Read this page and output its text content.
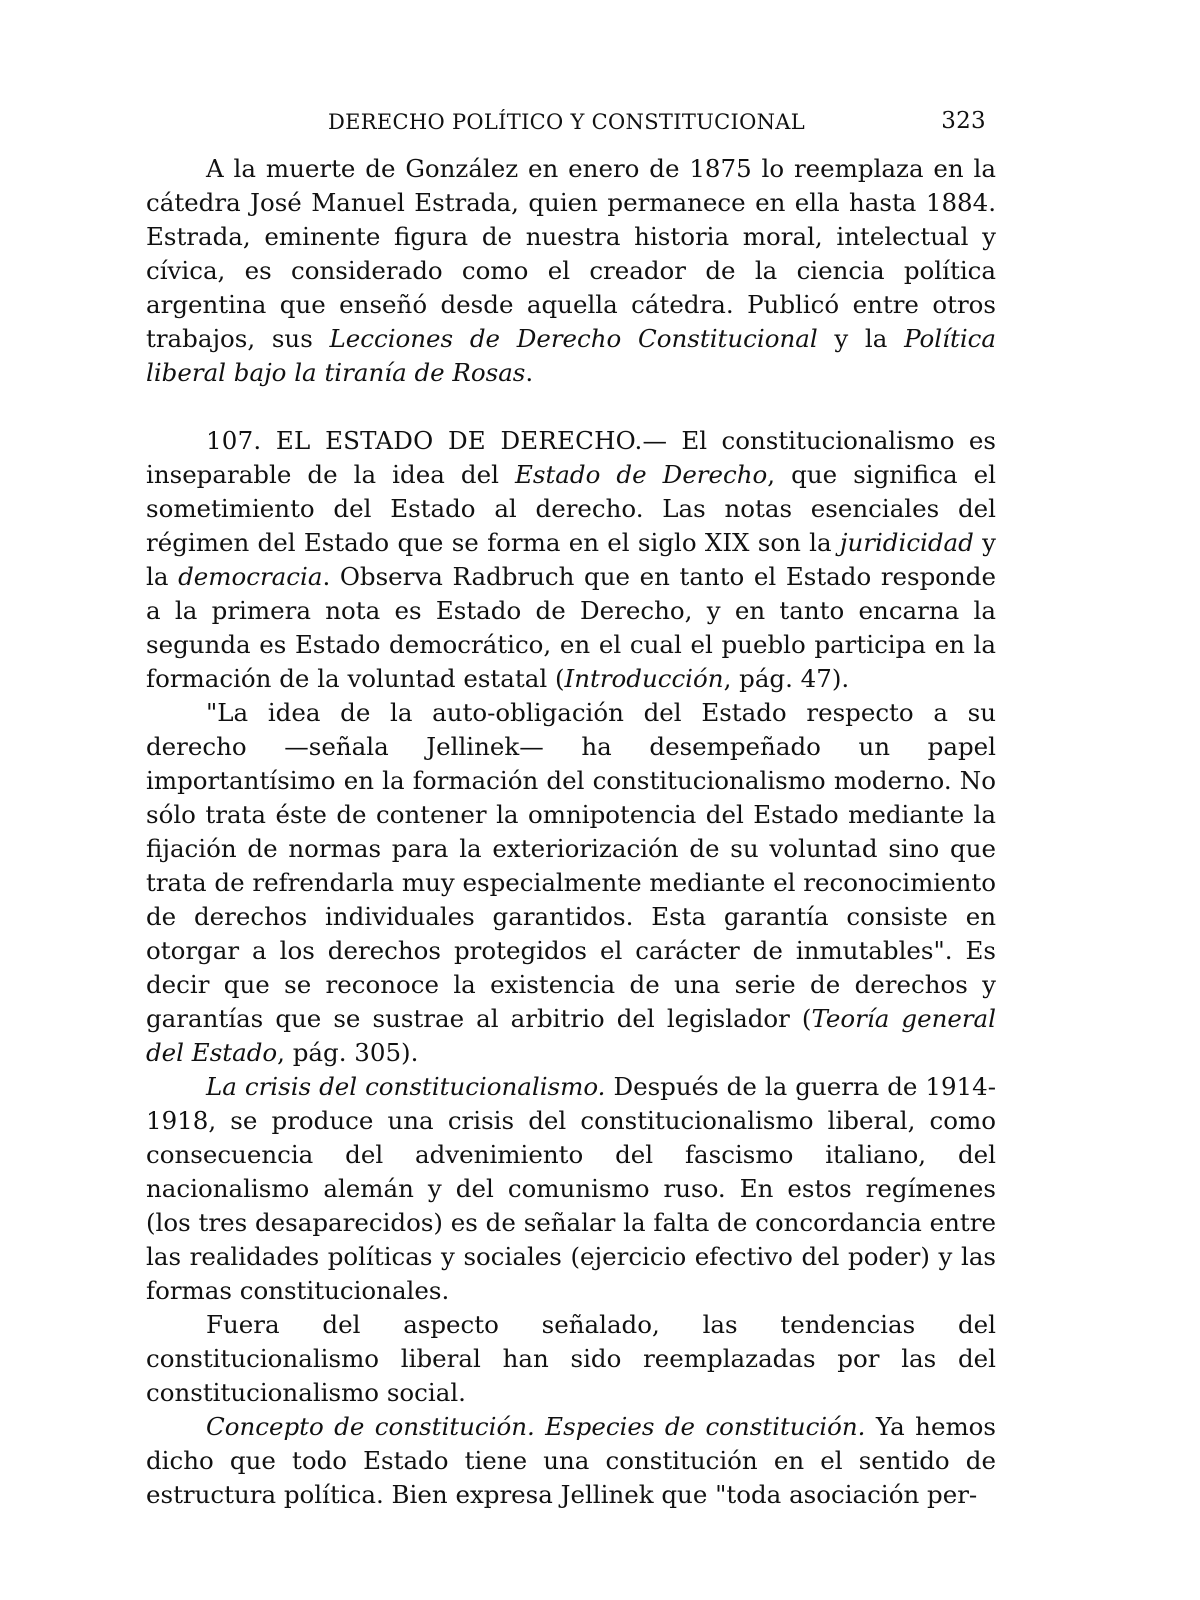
DERECHO POLÍTICO Y CONSTITUCIONAL	323

A la muerte de González en enero de 1875 lo reemplaza en la cátedra José Manuel Estrada, quien permanece en ella hasta 1884. Estrada, eminente figura de nuestra historia moral, intelectual y cívica, es considerado como el creador de la ciencia política argentina que enseñó desde aquella cátedra. Publicó entre otros trabajos, sus Lecciones de Derecho Constitucional y la Política liberal bajo la tiranía de Rosas.

107. EL ESTADO DE DERECHO.— El constitucionalismo es inseparable de la idea del Estado de Derecho, que significa el sometimiento del Estado al derecho. Las notas esenciales del régimen del Estado que se forma en el siglo XIX son la juridicidad y la democracia. Observa Radbruch que en tanto el Estado responde a la primera nota es Estado de Derecho, y en tanto encarna la segunda es Estado democrático, en el cual el pueblo participa en la formación de la voluntad estatal (Introducción, pág. 47).

"La idea de la auto-obligación del Estado respecto a su derecho —señala Jellinek— ha desempeñado un papel importantísimo en la formación del constitucionalismo moderno. No sólo trata éste de contener la omnipotencia del Estado mediante la fijación de normas para la exteriorización de su voluntad sino que trata de refrendarla muy especialmente mediante el reconocimiento de derechos individuales garantidos. Esta garantía consiste en otorgar a los derechos protegidos el carácter de inmutables". Es decir que se reconoce la existencia de una serie de derechos y garantías que se sustrae al arbitrio del legislador (Teoría general del Estado, pág. 305).

La crisis del constitucionalismo. Después de la guerra de 1914-1918, se produce una crisis del constitucionalismo liberal, como consecuencia del advenimiento del fascismo italiano, del nacionalismo alemán y del comunismo ruso. En estos regímenes (los tres desaparecidos) es de señalar la falta de concordancia entre las realidades políticas y sociales (ejercicio efectivo del poder) y las formas constitucionales.

Fuera del aspecto señalado, las tendencias del constitucionalismo liberal han sido reemplazadas por las del constitucionalismo social.

Concepto de constitución. Especies de constitución. Ya hemos dicho que todo Estado tiene una constitución en el sentido de estructura política. Bien expresa Jellinek que "toda asociación per-
